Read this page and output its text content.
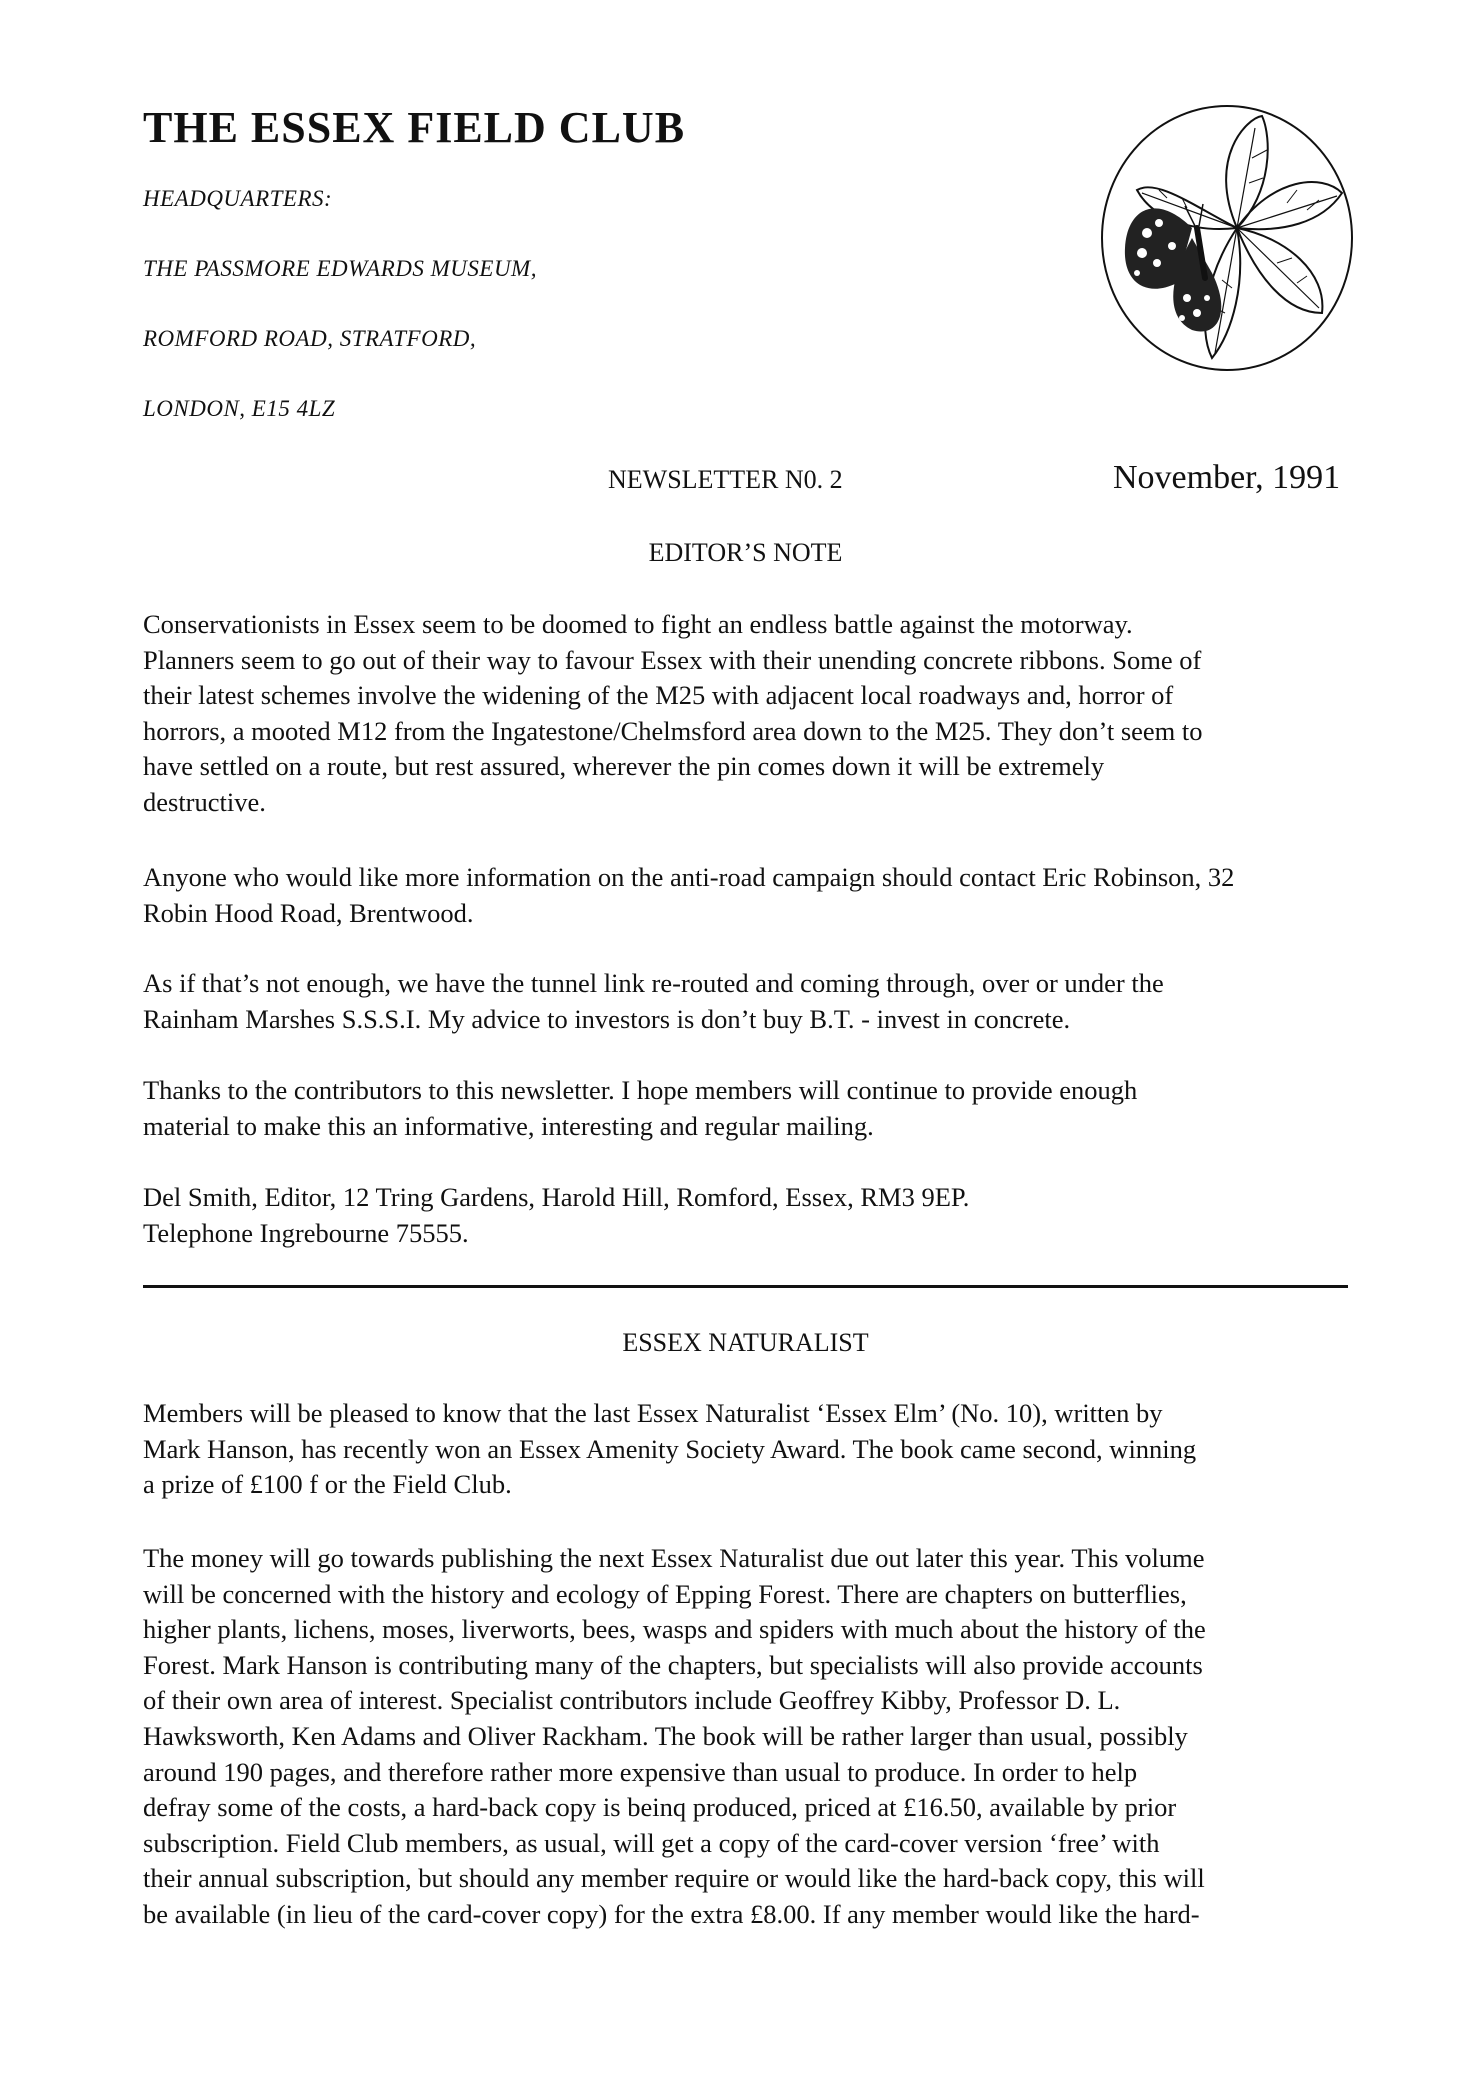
THE ESSEX FIELD CLUB
HEADQUARTERS:
THE PASSMORE EDWARDS MUSEUM,
ROMFORD ROAD, STRATFORD,
LONDON, E15 4LZ
NEWSLETTER N0. 2	November, 1991
EDITOR’S NOTE
Conservationists in Essex seem to be doomed to fight an endless battle against the motorway.
Planners seem to go out of their way to favour Essex with their unending concrete ribbons. Some of
their latest schemes involve the widening of the M25 with adjacent local roadways and, horror of
horrors, a mooted M12 from the Ingatestone/Chelmsford area down to the M25. They don’t seem to
have settled on a route, but rest assured, wherever the pin comes down it will be extremely
destructive.
Anyone who would like more information on the anti-road campaign should contact Eric Robinson, 32
Robin Hood Road, Brentwood.
As if that’s not enough, we have the tunnel link re-routed and coming through, over or under the
Rainham Marshes S.S.S.I. My advice to investors is don’t buy B.T. - invest in concrete.
Thanks to the contributors to this newsletter. I hope members will continue to provide enough
material to make this an informative, interesting and regular mailing.
Del Smith, Editor, 12 Tring Gardens, Harold Hill, Romford, Essex, RM3 9EP.
Telephone Ingrebourne 75555.
ESSEX NATURALIST
Members will be pleased to know that the last Essex Naturalist ‘Essex Elm’ (No. 10), written by
Mark Hanson, has recently won an Essex Amenity Society Award. The book came second, winning
a prize of £100 f or the Field Club.
The money will go towards publishing the next Essex Naturalist due out later this year. This volume
will be concerned with the history and ecology of Epping Forest. There are chapters on butterflies,
higher plants, lichens, moses, liverworts, bees, wasps and spiders with much about the history of the
Forest. Mark Hanson is contributing many of the chapters, but specialists will also provide accounts
of their own area of interest. Specialist contributors include Geoffrey Kibby, Professor D. L.
Hawksworth, Ken Adams and Oliver Rackham. The book will be rather larger than usual, possibly
around 190 pages, and therefore rather more expensive than usual to produce. In order to help
defray some of the costs, a hard-back copy is beinq produced, priced at £16.50, available by prior
subscription. Field Club members, as usual, will get a copy of the card-cover version ‘free’ with
their annual subscription, but should any member require or would like the hard-back copy, this will
be available (in lieu of the card-cover copy) for the extra £8.00. If any member would like the hard-
